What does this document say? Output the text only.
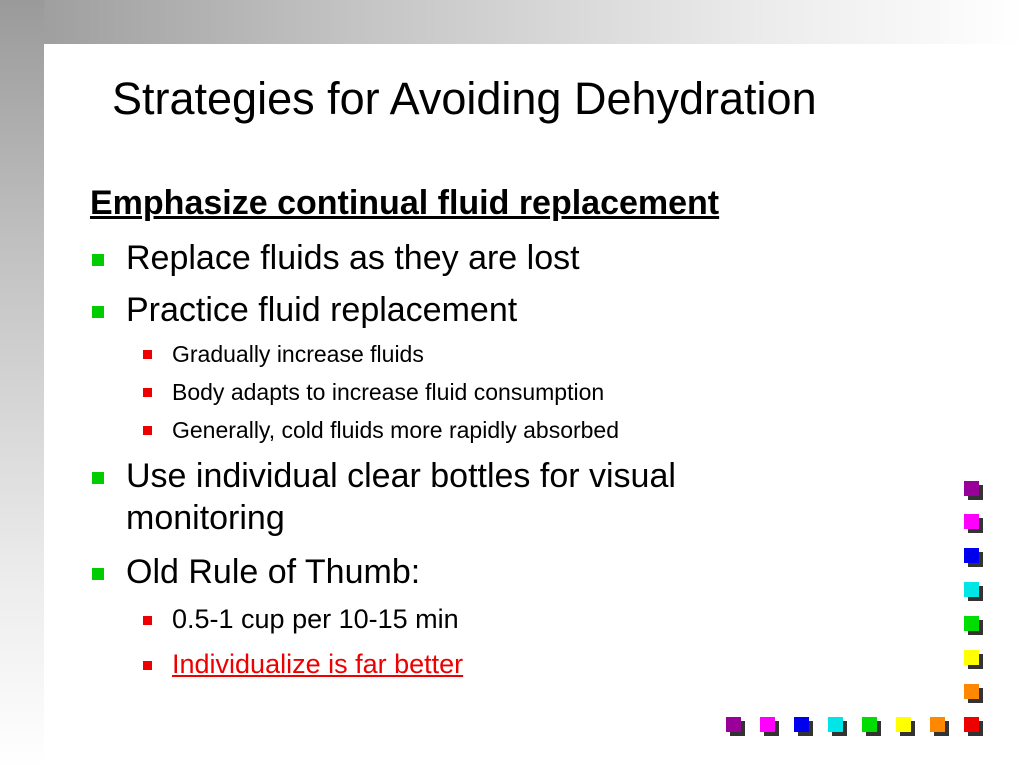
Strategies for Avoiding Dehydration
Emphasize continual fluid replacement
Replace fluids as they are lost
Practice fluid replacement
Gradually increase fluids
Body adapts to increase fluid consumption
Generally, cold fluids more rapidly absorbed
Use individual clear bottles for visual
monitoring
Old Rule of Thumb:
0.5-1 cup per 10-15 min
Individualize is far better
